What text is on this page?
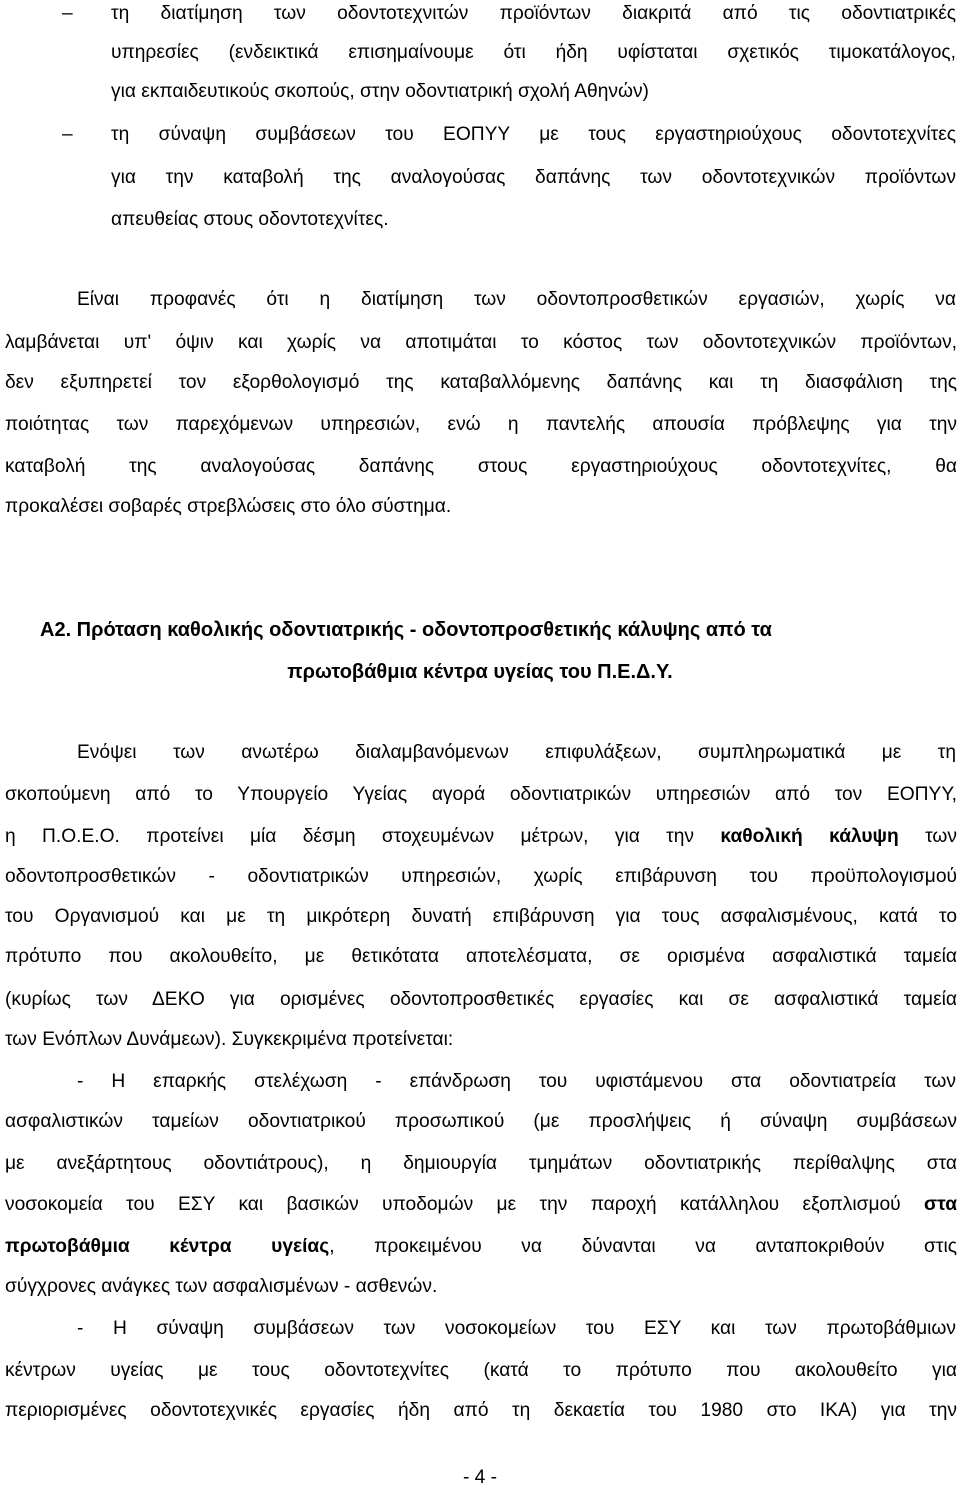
– τη διατίμηση των οδοντοτεχνιτών προϊόντων διακριτά από τις οδοντιατρικές
υπηρεσίες (ενδεικτικά επισημαίνουμε ότι ήδη υφίσταται σχετικός τιμοκατάλογος,
για εκπαιδευτικούς σκοπούς, στην οδοντιατρική σχολή Αθηνών)
– τη σύναψη συμβάσεων του ΕΟΠΥΥ με τους εργαστηριούχους οδοντοτεχνίτες
για την καταβολή της αναλογούσας δαπάνης των οδοντοτεχνικών προϊόντων
απευθείας στους οδοντοτεχνίτες.
Είναι προφανές ότι η διατίμηση των οδοντοπροσθετικών εργασιών, χωρίς να
λαμβάνεται υπ' όψιν και χωρίς να αποτιμάται το κόστος των οδοντοτεχνικών προϊόντων,
δεν εξυπηρετεί τον εξορθολογισμό της καταβαλλόμενης δαπάνης και τη διασφάλιση της
ποιότητας των παρεχόμενων υπηρεσιών, ενώ η παντελής απουσία πρόβλεψης για την
καταβολή της αναλογούσας δαπάνης στους εργαστηριούχους οδοντοτεχνίτες, θα
προκαλέσει σοβαρές στρεβλώσεις στο όλο σύστημα.
Α2. Πρόταση καθολικής οδοντιατρικής - οδοντοπροσθετικής κάλυψης από τα
πρωτοβάθμια κέντρα υγείας του Π.Ε.Δ.Υ.
Ενόψει των ανωτέρω διαλαμβανόμενων επιφυλάξεων, συμπληρωματικά με τη
σκοπούμενη από το Υπουργείο Υγείας αγορά οδοντιατρικών υπηρεσιών από τον ΕΟΠΥΥ,
η Π.Ο.Ε.Ο. προτείνει μία δέσμη στοχευμένων μέτρων, για την καθολική κάλυψη των
οδοντοπροσθετικών - οδοντιατρικών υπηρεσιών, χωρίς επιβάρυνση του προϋπολογισμού
του Οργανισμού και με τη μικρότερη δυνατή επιβάρυνση για τους ασφαλισμένους, κατά το
πρότυπο που ακολουθείτο, με θετικότατα αποτελέσματα, σε ορισμένα ασφαλιστικά ταμεία
(κυρίως των ΔΕΚΟ για ορισμένες οδοντοπροσθετικές εργασίες και σε ασφαλιστικά ταμεία
των Ενόπλων Δυνάμεων). Συγκεκριμένα προτείνεται:
- Η επαρκής στελέχωση - επάνδρωση του υφιστάμενου στα οδοντιατρεία των
ασφαλιστικών ταμείων οδοντιατρικού προσωπικού (με προσλήψεις ή σύναψη συμβάσεων
με ανεξάρτητους οδοντιάτρους), η δημιουργία τμημάτων οδοντιατρικής περίθαλψης στα
νοσοκομεία του ΕΣΥ και βασικών υποδομών με την παροχή κατάλληλου εξοπλισμού στα
πρωτοβάθμια κέντρα υγείας, προκειμένου να δύνανται να ανταποκριθούν στις
σύγχρονες ανάγκες των ασφαλισμένων - ασθενών.
- Η σύναψη συμβάσεων των νοσοκομείων του ΕΣΥ και των πρωτοβάθμιων
κέντρων υγείας με τους οδοντοτεχνίτες (κατά το πρότυπο που ακολουθείτο για
περιορισμένες οδοντοτεχνικές εργασίες ήδη από τη δεκαετία του 1980 στο ΙΚΑ) για την
- 4 -
